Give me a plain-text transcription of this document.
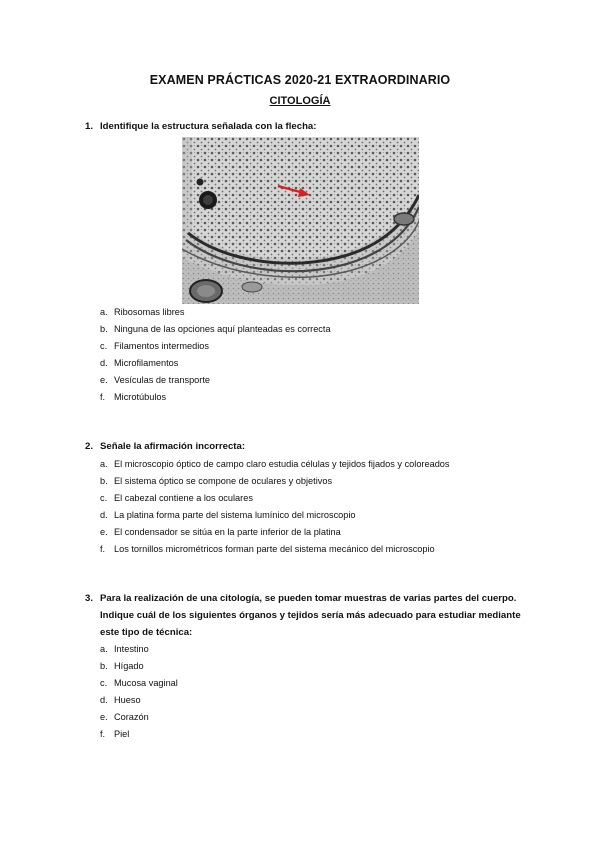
EXAMEN PRÁCTICAS 2020-21 EXTRAORDINARIO
CITOLOGÍA
1. Identifique la estructura señalada con la flecha:
a. Ribosomas libres
b. Ninguna de las opciones aquí planteadas es correcta
c. Filamentos intermedios
d. Microfilamentos
e. Vesículas de transporte
f. Microtúbulos
2. Señale la afirmación incorrecta:
a. El microscopio óptico de campo claro estudia células y tejidos fijados y coloreados
b. El sistema óptico se compone de oculares y objetivos
c. El cabezal contiene a los oculares
d. La platina forma parte del sistema lumínico del microscopio
e. El condensador se sitúa en la parte inferior de la platina
f. Los tornillos micrométricos forman parte del sistema mecánico del microscopio
3. Para la realización de una citología, se pueden tomar muestras de varias partes del cuerpo. Indique cuál de los siguientes órganos y tejidos sería más adecuado para estudiar mediante este tipo de técnica:
a. Intestino
b. Hígado
c. Mucosa vaginal
d. Hueso
e. Corazón
f. Piel
